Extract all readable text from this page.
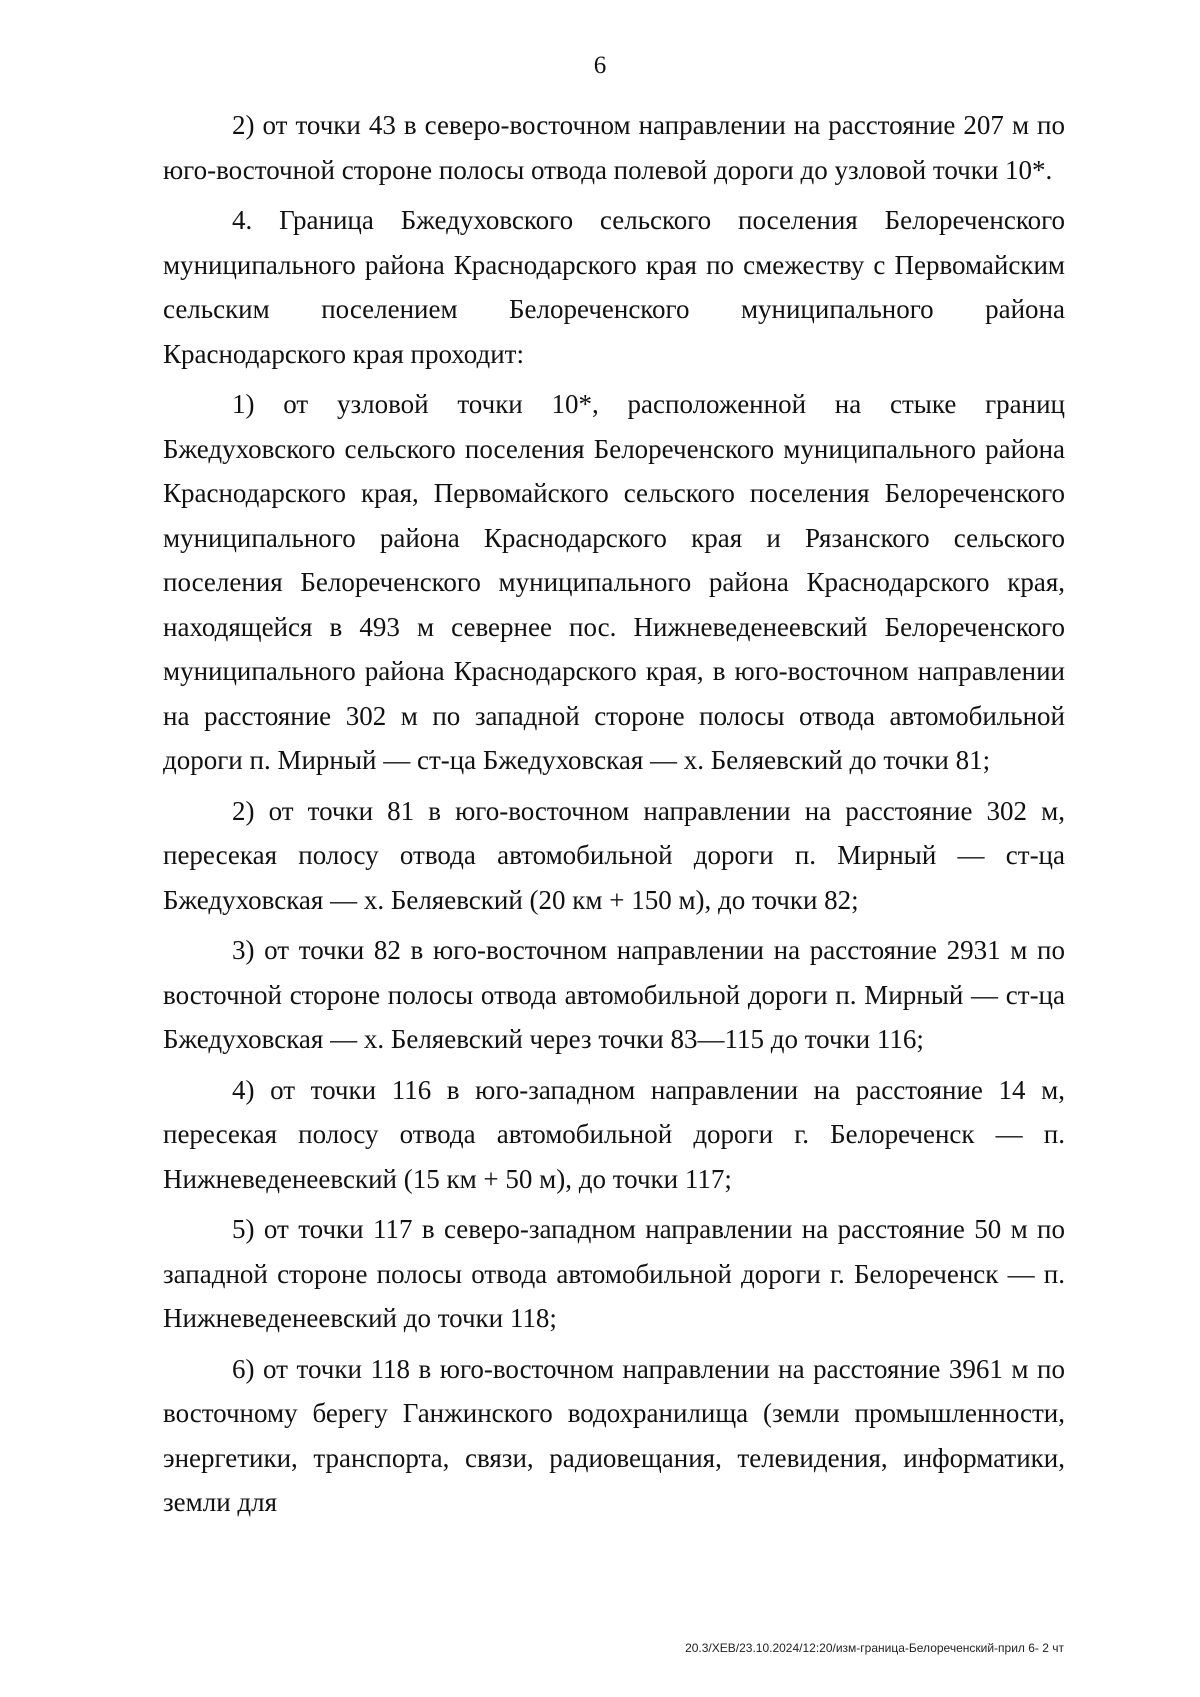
6

2) от точки 43 в северо-восточном направлении на расстояние 207 м по юго-восточной стороне полосы отвода полевой дороги до узловой точки 10*.

4. Граница Бжедуховского сельского поселения Белореченского муниципального района Краснодарского края по смежеству с Первомайским сельским поселением Белореченского муниципального района Краснодарского края проходит:

1) от узловой точки 10*, расположенной на стыке границ Бжедуховского сельского поселения Белореченского муниципального района Краснодарского края, Первомайского сельского поселения Белореченского муниципального района Краснодарского края и Рязанского сельского поселения Белореченского муниципального района Краснодарского края, находящейся в 493 м севернее пос. Нижневеденеевский Белореченского муниципального района Краснодарского края, в юго-восточном направлении на расстояние 302 м по западной стороне полосы отвода автомобильной дороги п. Мирный — ст-ца Бжедуховская — х. Беляевский до точки 81;

2) от точки 81 в юго-восточном направлении на расстояние 302 м, пересекая полосу отвода автомобильной дороги п. Мирный — ст-ца Бжедуховская — х. Беляевский (20 км + 150 м), до точки 82;

3) от точки 82 в юго-восточном направлении на расстояние 2931 м по восточной стороне полосы отвода автомобильной дороги п. Мирный — ст-ца Бжедуховская — х. Беляевский через точки 83—115 до точки 116;

4) от точки 116 в юго-западном направлении на расстояние 14 м, пересекая полосу отвода автомобильной дороги г. Белореченск — п. Нижневеденеевский (15 км + 50 м), до точки 117;

5) от точки 117 в северо-западном направлении на расстояние 50 м по западной стороне полосы отвода автомобильной дороги г. Белореченск — п. Нижневеденеевский до точки 118;

6) от точки 118 в юго-восточном направлении на расстояние 3961 м по восточному берегу Ганжинского водохранилища (земли промышленности, энергетики, транспорта, связи, радиовещания, телевидения, информатики, земли для

20.3/ХЕВ/23.10.2024/12:20/изм-граница-Белореченский-прил 6- 2 чт
